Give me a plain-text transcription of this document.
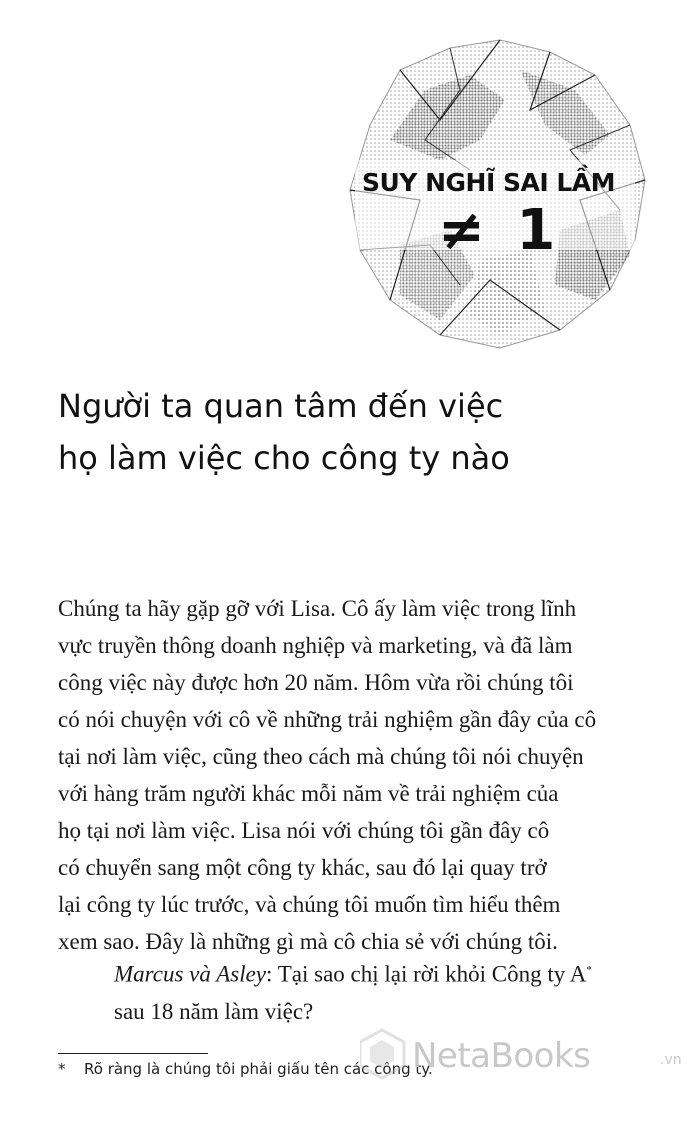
SUY NGHĨ SAI LẦM
≠ 1
Người ta quan tâm đến việc
họ làm việc cho công ty nào

Chúng ta hãy gặp gỡ với Lisa. Cô ấy làm việc trong lĩnh
vực truyền thông doanh nghiệp và marketing, và đã làm
công việc này được hơn 20 năm. Hôm vừa rồi chúng tôi
có nói chuyện với cô về những trải nghiệm gần đây của cô
tại nơi làm việc, cũng theo cách mà chúng tôi nói chuyện
với hàng trăm người khác mỗi năm về trải nghiệm của
họ tại nơi làm việc. Lisa nói với chúng tôi gần đây cô
có chuyển sang một công ty khác, sau đó lại quay trở
lại công ty lúc trước, và chúng tôi muốn tìm hiểu thêm
xem sao. Đây là những gì mà cô chia sẻ với chúng tôi.

Marcus và Asley: Tại sao chị lại rời khỏi Công ty A*
sau 18 năm làm việc?
* Rõ ràng là chúng tôi phải giấu tên các công ty.
NetaBooks	.vn
